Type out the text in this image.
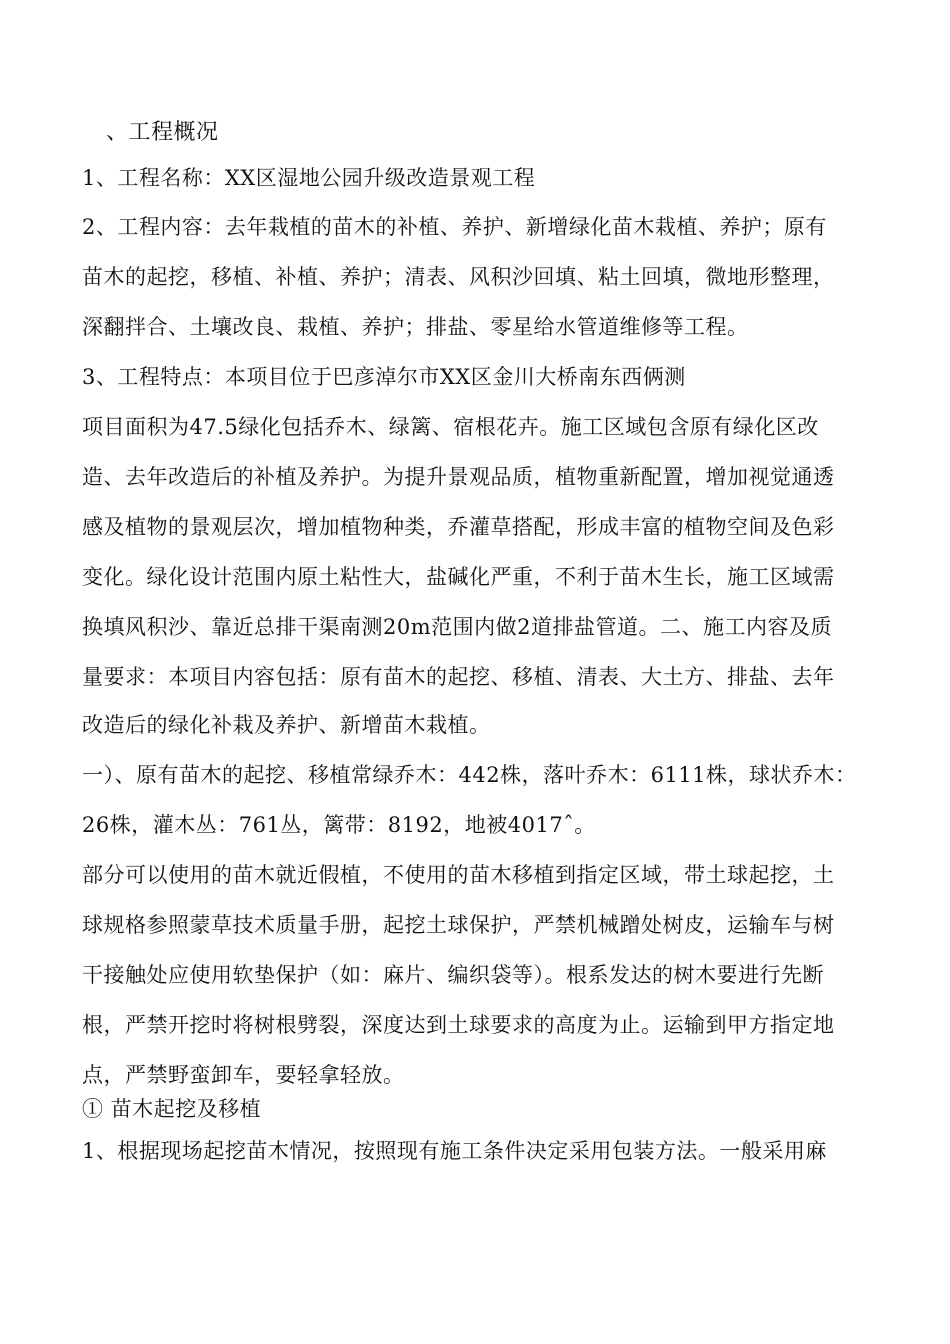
、工程概况
1、工程名称：XX区湿地公园升级改造景观工程
2、工程内容：去年栽植的苗木的补植、养护、新增绿化苗木栽植、养护；原有
苗木的起挖，移植、补植、养护；清表、风积沙回填、粘土回填，微地形整理，
深翻拌合、土壤改良、栽植、养护；排盐、零星给水管道维修等工程。
3、工程特点：本项目位于巴彦淖尔市XX区金川大桥南东西俩测
项目面积为47.5绿化包括乔木、绿篱、宿根花卉。施工区域包含原有绿化区改
造、去年改造后的补植及养护。为提升景观品质，植物重新配置，增加视觉通透
感及植物的景观层次，增加植物种类，乔灌草搭配，形成丰富的植物空间及色彩
变化。绿化设计范围内原土粘性大，盐碱化严重，不利于苗木生长，施工区域需
换填风积沙、靠近总排干渠南测20m范围内做2道排盐管道。二、施工内容及质
量要求：本项目内容包括：原有苗木的起挖、移植、清表、大土方、排盐、去年
改造后的绿化补栽及养护、新增苗木栽植。
一）、原有苗木的起挖、移植常绿乔木：442株，落叶乔木：6111株，球状乔木：
26株，灌木丛：761丛，篱带：8192，地被4017ˆ。
部分可以使用的苗木就近假植，不使用的苗木移植到指定区域，带土球起挖，土
球规格参照蒙草技术质量手册，起挖土球保护，严禁机械蹭处树皮，运输车与树
干接触处应使用软垫保护（如：麻片、编织袋等）。根系发达的树木要进行先断
根，严禁开挖时将树根劈裂，深度达到土球要求的高度为止。运输到甲方指定地
点，严禁野蛮卸车，要轻拿轻放。
① 苗木起挖及移植
1、根据现场起挖苗木情况，按照现有施工条件决定采用包装方法。一般采用麻
